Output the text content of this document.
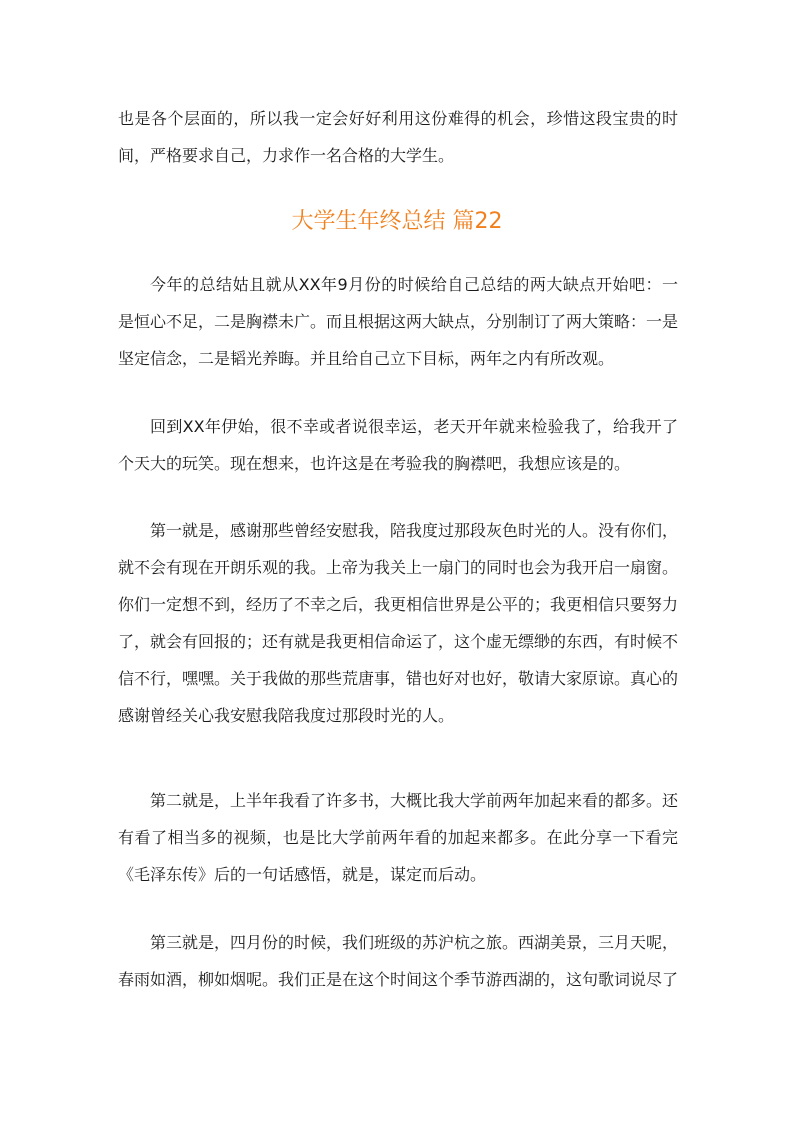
也是各个层面的，所以我一定会好好利用这份难得的机会，珍惜这段宝贵的时间，严格要求自己，力求作一名合格的大学生。

大学生年终总结 篇22

今年的总结姑且就从XX年9月份的时候给自己总结的两大缺点开始吧：一是恒心不足，二是胸襟未广。而且根据这两大缺点，分别制订了两大策略：一是坚定信念，二是韬光养晦。并且给自己立下目标，两年之内有所改观。

回到XX年伊始，很不幸或者说很幸运，老天开年就来检验我了，给我开了个天大的玩笑。现在想来，也许这是在考验我的胸襟吧，我想应该是的。

第一就是，感谢那些曾经安慰我，陪我度过那段灰色时光的人。没有你们，就不会有现在开朗乐观的我。上帝为我关上一扇门的同时也会为我开启一扇窗。你们一定想不到，经历了不幸之后，我更相信世界是公平的；我更相信只要努力了，就会有回报的；还有就是我更相信命运了，这个虚无缥缈的东西，有时候不信不行，嘿嘿。关于我做的那些荒唐事，错也好对也好，敬请大家原谅。真心的感谢曾经关心我安慰我陪我度过那段时光的人。

第二就是，上半年我看了许多书，大概比我大学前两年加起来看的都多。还有看了相当多的视频，也是比大学前两年看的加起来都多。在此分享一下看完《毛泽东传》后的一句话感悟，就是，谋定而后动。

第三就是，四月份的时候，我们班级的苏沪杭之旅。西湖美景，三月天呢，春雨如酒，柳如烟呢。我们正是在这个时间这个季节游西湖的，这句歌词说尽了
